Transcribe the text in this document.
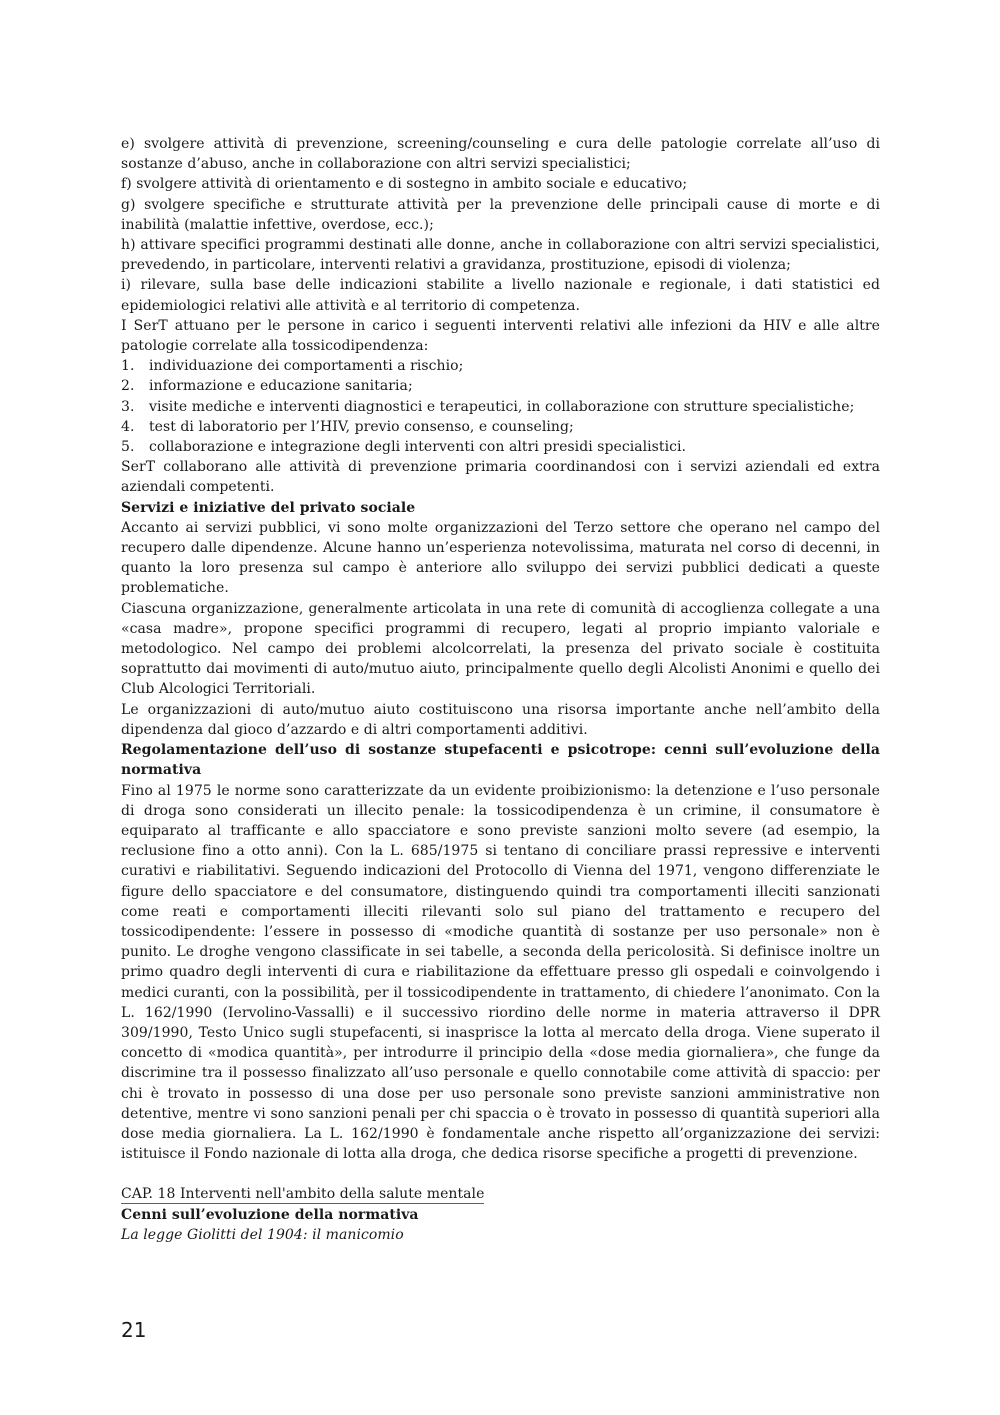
e) svolgere attività di prevenzione, screening/counseling e cura delle patologie correlate all’uso di sostanze d’abuso, anche in collaborazione con altri servizi specialistici;

f) svolgere attività di orientamento e di sostegno in ambito sociale e educativo;

g) svolgere specifiche e strutturate attività per la prevenzione delle principali cause di morte e di inabilità (malattie infettive, overdose, ecc.);

h) attivare specifici programmi destinati alle donne, anche in collaborazione con altri servizi specialistici, prevedendo, in particolare, interventi relativi a gravidanza, prostituzione, episodi di violenza;

i) rilevare, sulla base delle indicazioni stabilite a livello nazionale e regionale, i dati statistici ed epidemiologici relativi alle attività e al territorio di competenza.

I SerT attuano per le persone in carico i seguenti interventi relativi alle infezioni da HIV e alle altre patologie correlate alla tossicodipendenza:

1.	individuazione dei comportamenti a rischio;
2.	informazione e educazione sanitaria;
3.	visite mediche e interventi diagnostici e terapeutici, in collaborazione con strutture specialistiche;
4.	test di laboratorio per l’HIV, previo consenso, e counseling;
5.	collaborazione e integrazione degli interventi con altri presidi specialistici.

SerT collaborano alle attività di prevenzione primaria coordinandosi con i servizi aziendali ed extra aziendali competenti.

Servizi e iniziative del privato sociale

Accanto ai servizi pubblici, vi sono molte organizzazioni del Terzo settore che operano nel campo del recupero dalle dipendenze. Alcune hanno un’esperienza notevolissima, maturata nel corso di decenni, in quanto la loro presenza sul campo è anteriore allo sviluppo dei servizi pubblici dedicati a queste problematiche.

Ciascuna organizzazione, generalmente articolata in una rete di comunità di accoglienza collegate a una «casa madre», propone specifici programmi di recupero, legati al proprio impianto valoriale e metodologico. Nel campo dei problemi alcolcorrelati, la presenza del privato sociale è costituita soprattutto dai movimenti di auto/mutuo aiuto, principalmente quello degli Alcolisti Anonimi e quello dei Club Alcologici Territoriali.

Le organizzazioni di auto/mutuo aiuto costituiscono una risorsa importante anche nell’ambito della dipendenza dal gioco d’azzardo e di altri comportamenti additivi.

Regolamentazione dell’uso di sostanze stupefacenti e psicotrope: cenni sull’evoluzione della normativa

Fino al 1975 le norme sono caratterizzate da un evidente proibizionismo: la detenzione e l’uso personale di droga sono considerati un illecito penale: la tossicodipendenza è un crimine, il consumatore è equiparato al trafficante e allo spacciatore e sono previste sanzioni molto severe (ad esempio, la reclusione fino a otto anni). Con la L. 685/1975 si tentano di conciliare prassi repressive e interventi curativi e riabilitativi. Seguendo indicazioni del Protocollo di Vienna del 1971, vengono differenziate le figure dello spacciatore e del consumatore, distinguendo quindi tra comportamenti illeciti sanzionati come reati e comportamenti illeciti rilevanti solo sul piano del trattamento e recupero del tossicodipendente: l’essere in possesso di «modiche quantità di sostanze per uso personale» non è punito. Le droghe vengono classificate in sei tabelle, a seconda della pericolosità. Si definisce inoltre un primo quadro degli interventi di cura e riabilitazione da effettuare presso gli ospedali e coinvolgendo i medici curanti, con la possibilità, per il tossicodipendente in trattamento, di chiedere l’anonimato. Con la L. 162/1990 (Iervolino-Vassalli) e il successivo riordino delle norme in materia attraverso il DPR 309/1990, Testo Unico sugli stupefacenti, si inasprisce la lotta al mercato della droga. Viene superato il concetto di «modica quantità», per introdurre il principio della «dose media giornaliera», che funge da discrimine tra il possesso finalizzato all’uso personale e quello connotabile come attività di spaccio: per chi è trovato in possesso di una dose per uso personale sono previste sanzioni amministrative non detentive, mentre vi sono sanzioni penali per chi spaccia o è trovato in possesso di quantità superiori alla dose media giornaliera. La L. 162/1990 è fondamentale anche rispetto all’organizzazione dei servizi: istituisce il Fondo nazionale di lotta alla droga, che dedica risorse specifiche a progetti di prevenzione.

CAP. 18 Interventi nell'ambito della salute mentale

Cenni sull’evoluzione della normativa

La legge Giolitti del 1904: il manicomio

21
